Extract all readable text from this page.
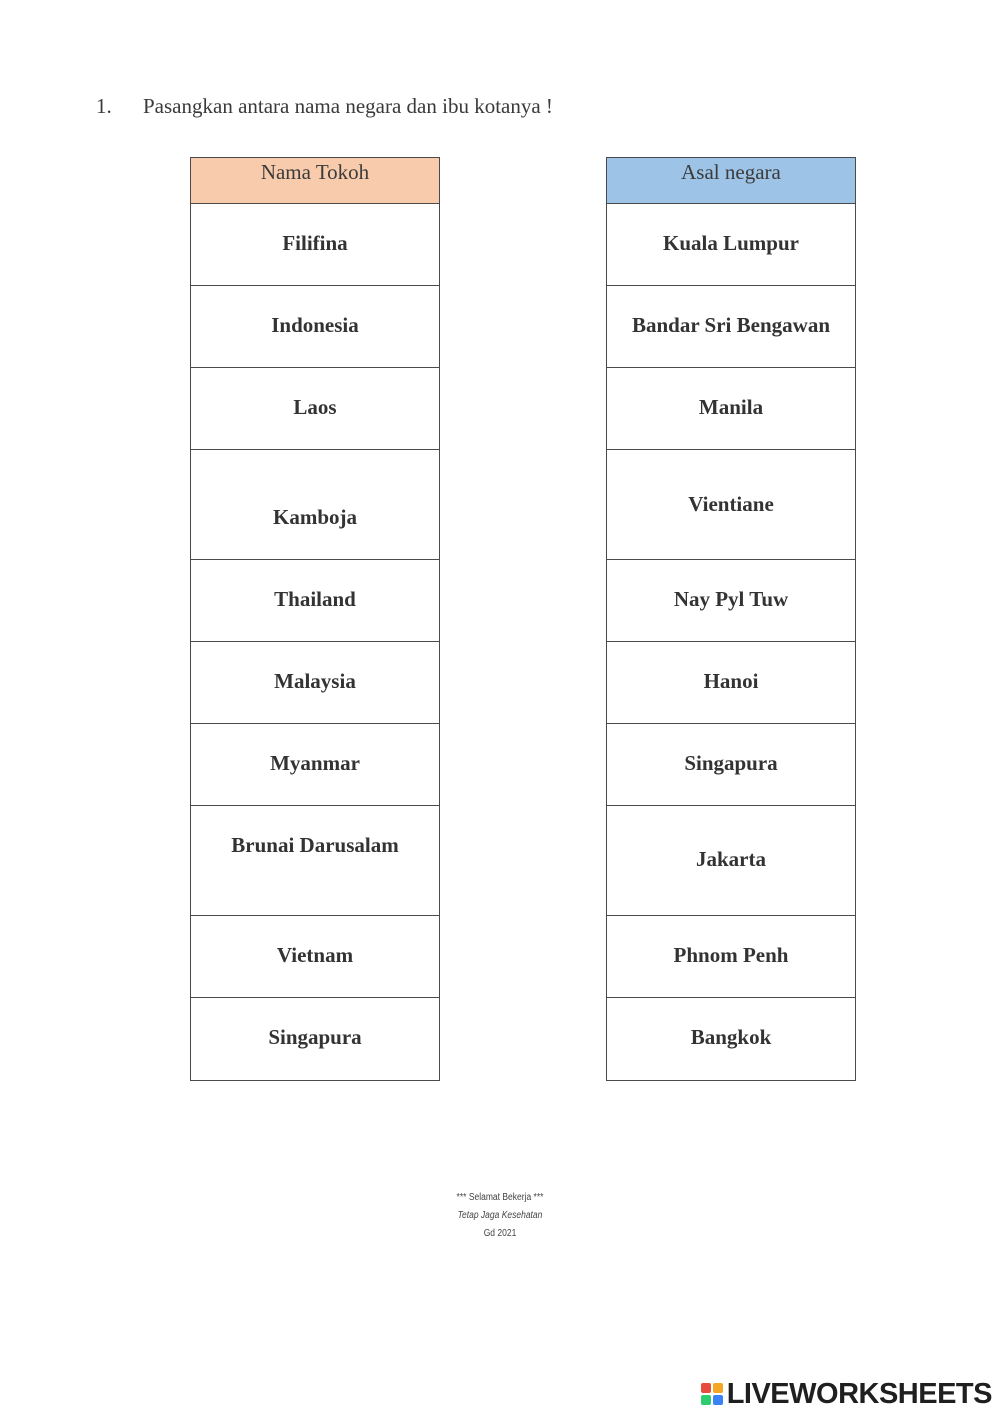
1. Pasangkan antara nama negara dan ibu kotanya !
Nama Tokoh
Filifina
Indonesia
Laos
Kamboja
Thailand
Malaysia
Myanmar
Brunai Darusalam
Vietnam
Singapura
Asal negara
Kuala Lumpur
Bandar Sri Bengawan
Manila
Vientiane
Nay Pyl Tuw
Hanoi
Singapura
Jakarta
Phnom Penh
Bangkok
*** Selamat Bekerja ***
Tetap Jaga Kesehatan
Gd 2021
LIVEWORKSHEETS
